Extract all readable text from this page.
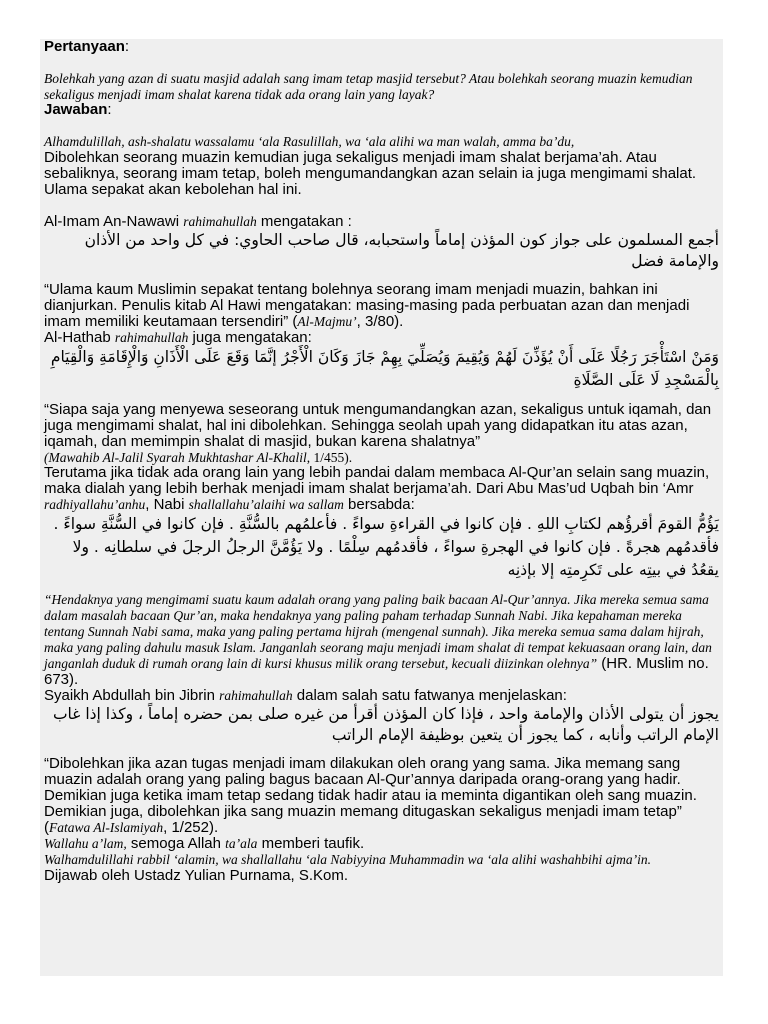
Pertanyaan:

Bolehkah yang azan di suatu masjid adalah sang imam tetap masjid tersebut? Atau bolehkah seorang muazin kemudian sekaligus menjadi imam shalat karena tidak ada orang lain yang layak?

Jawaban:

Alhamdulillah, ash-shalatu wassalamu ‘ala Rasulillah, wa ‘ala alihi wa man walah, amma ba’du,

Dibolehkan seorang muazin kemudian juga sekaligus menjadi imam shalat berjama’ah. Atau sebaliknya, seorang imam tetap, boleh mengumandangkan azan selain ia juga mengimami shalat. Ulama sepakat akan kebolehan hal ini.

Al-Imam An-Nawawi rahimahullah mengatakan :

أجمع المسلمون على جواز كون المؤذن إماماً واستحبابه، قال صاحب الحاوي: في كل واحد من الأذان والإمامة فضل

“Ulama kaum Muslimin sepakat tentang bolehnya seorang imam menjadi muazin, bahkan ini dianjurkan. Penulis kitab Al Hawi mengatakan: masing-masing pada perbuatan azan dan menjadi imam memiliki keutamaan tersendiri” (Al-Majmu’, 3/80).

Al-Hathab rahimahullah juga mengatakan:

وَمَنْ اسْتَأْجَرَ رَجُلًا عَلَى أَنْ يُؤَذِّنَ لَهُمْ وَيُقِيمَ وَيُصَلِّيَ بِهِمْ جَازَ وَكَانَ الْأَجْرُ إنَّمَا وَقَعَ عَلَى الْأَذَانِ وَالْإِقَامَةِ وَالْقِيَامِ بِالْمَسْجِدِ لَا عَلَى الصَّلَاةِ

“Siapa saja yang menyewa seseorang untuk mengumandangkan azan, sekaligus untuk iqamah, dan juga mengimami shalat, hal ini dibolehkan. Sehingga seolah upah yang didapatkan itu atas azan, iqamah, dan memimpin shalat di masjid, bukan karena shalatnya”

(Mawahib Al-Jalil Syarah Mukhtashar Al-Khalil, 1/455).

Terutama jika tidak ada orang lain yang lebih pandai dalam membaca Al-Qur’an selain sang muazin, maka dialah yang lebih berhak menjadi imam shalat berjama’ah. Dari Abu Mas’ud Uqbah bin ‘Amr radhiyallahu’anhu, Nabi shallallahu’alaihi wa sallam bersabda:

يَؤُمُّ القومَ أقرؤُهم لكتابِ اللهِ . فإن كانوا في القراءةِ سواءً . فأعلمُهم بالسُّنَّةِ . فإن كانوا في السُّنَّةِ سواءً . فأقدمُهم هجرةً . فإن كانوا في الهجرةِ سواءً ، فأقدمُهم سِلْمًا . ولا يَؤُمَّنَّ الرجلُ الرجلَ في سلطانِه . ولا يقعُدُ في بيتِه على تَكرِمتِه إلا بإذنِه

“Hendaknya yang mengimami suatu kaum adalah orang yang paling baik bacaan Al-Qur’annya. Jika mereka semua sama dalam masalah bacaan Qur’an, maka hendaknya yang paling paham terhadap Sunnah Nabi. Jika kepahaman mereka tentang Sunnah Nabi sama, maka yang paling pertama hijrah (mengenal sunnah). Jika mereka semua sama dalam hijrah, maka yang paling dahulu masuk Islam. Janganlah seorang maju menjadi imam shalat di tempat kekuasaan orang lain, dan janganlah duduk di rumah orang lain di kursi khusus milik orang tersebut, kecuali diizinkan olehnya” (HR. Muslim no. 673).

Syaikh Abdullah bin Jibrin rahimahullah dalam salah satu fatwanya menjelaskan:

يجوز أن يتولى الأذان والإمامة واحد ، فإذا كان المؤذن أقرأ من غيره صلى بمن حضره إماماً ، وكذا إذا غاب الإمام الراتب وأنابه ، كما يجوز أن يتعين بوظيفة الإمام الراتب

“Dibolehkan jika azan tugas menjadi imam dilakukan oleh orang yang sama. Jika memang sang muazin adalah orang yang paling bagus bacaan Al-Qur’annya daripada orang-orang yang hadir. Demikian juga ketika imam tetap sedang tidak hadir atau ia meminta digantikan oleh sang muazin. Demikian juga, dibolehkan jika sang muazin memang ditugaskan sekaligus menjadi imam tetap” (Fatawa Al-Islamiyah, 1/252).

Wallahu a’lam, semoga Allah ta’ala memberi taufik.

Walhamdulillahi rabbil ‘alamin, wa shallallahu ‘ala Nabiyyina Muhammadin wa ‘ala alihi washahbihi ajma’in.

Dijawab oleh Ustadz Yulian Purnama, S.Kom.
